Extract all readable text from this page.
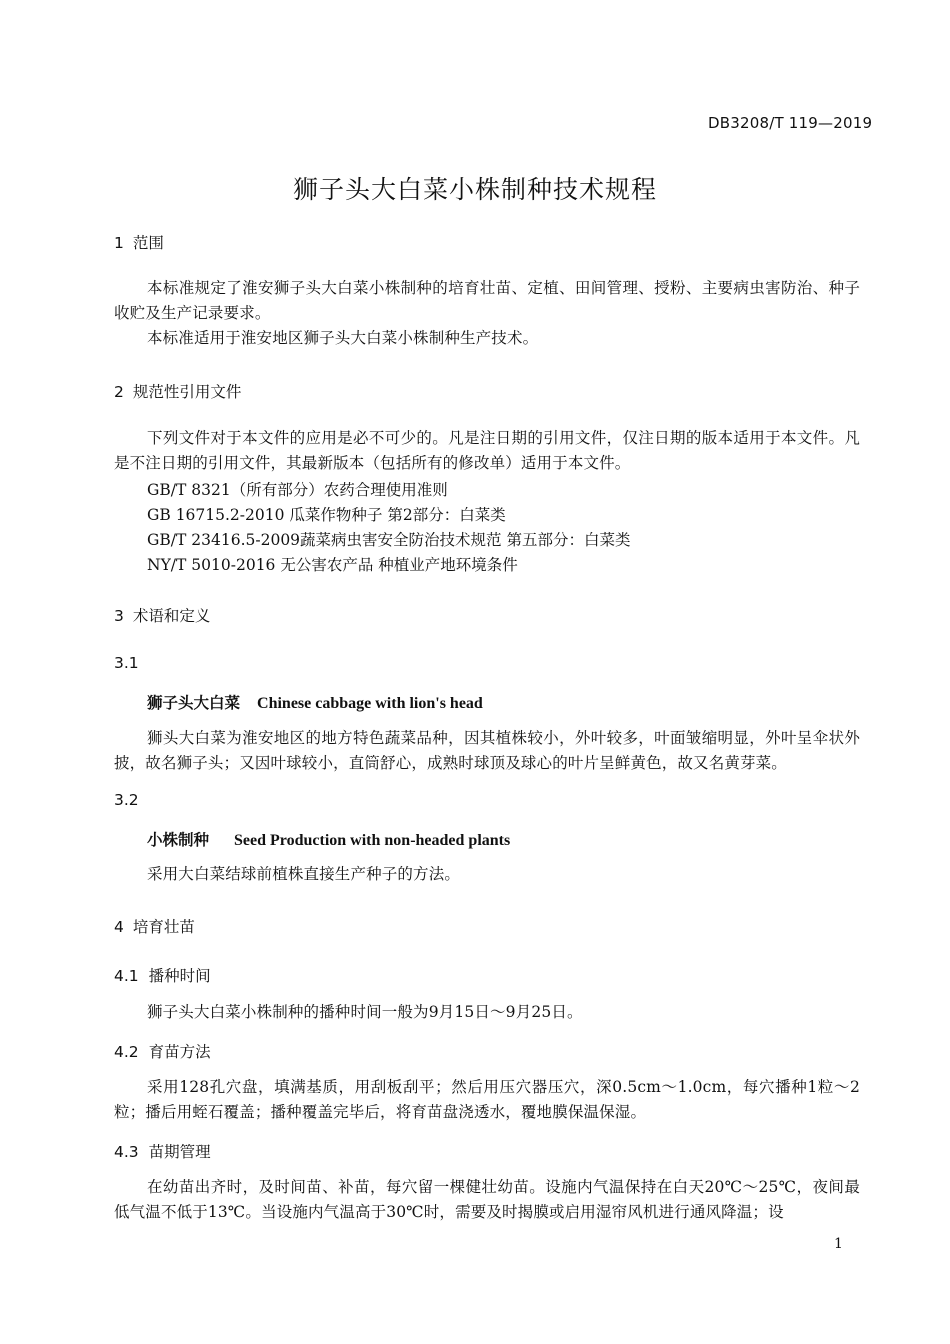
DB3208/T 119—2019
狮子头大白菜小株制种技术规程
1 范围
本标准规定了淮安狮子头大白菜小株制种的培育壮苗、定植、田间管理、授粉、主要病虫害防治、种子收贮及生产记录要求。
本标准适用于淮安地区狮子头大白菜小株制种生产技术。
2 规范性引用文件
下列文件对于本文件的应用是必不可少的。凡是注日期的引用文件，仅注日期的版本适用于本文件。凡是不注日期的引用文件，其最新版本（包括所有的修改单）适用于本文件。
GB/T 8321（所有部分）农药合理使用准则
GB 16715.2-2010 瓜菜作物种子 第2部分：白菜类
GB/T 23416.5-2009蔬菜病虫害安全防治技术规范 第五部分：白菜类
NY/T 5010-2016 无公害农产品 种植业产地环境条件
3 术语和定义
3.1
狮子头大白菜 Chinese cabbage with lion's head
狮头大白菜为淮安地区的地方特色蔬菜品种，因其植株较小，外叶较多，叶面皱缩明显，外叶呈伞状外披，故名狮子头；又因叶球较小，直筒舒心，成熟时球顶及球心的叶片呈鲜黄色，故又名黄芽菜。
3.2
小株制种 Seed Production with non-headed plants
采用大白菜结球前植株直接生产种子的方法。
4 培育壮苗
4.1 播种时间
狮子头大白菜小株制种的播种时间一般为9月15日～9月25日。
4.2 育苗方法
采用128孔穴盘，填满基质，用刮板刮平；然后用压穴器压穴，深0.5cm～1.0cm，每穴播种1粒～2粒；播后用蛭石覆盖；播种覆盖完毕后，将育苗盘浇透水，覆地膜保温保湿。
4.3 苗期管理
在幼苗出齐时，及时间苗、补苗，每穴留一棵健壮幼苗。设施内气温保持在白天20℃～25℃，夜间最低气温不低于13℃。当设施内气温高于30℃时，需要及时揭膜或启用湿帘风机进行通风降温；设
1
